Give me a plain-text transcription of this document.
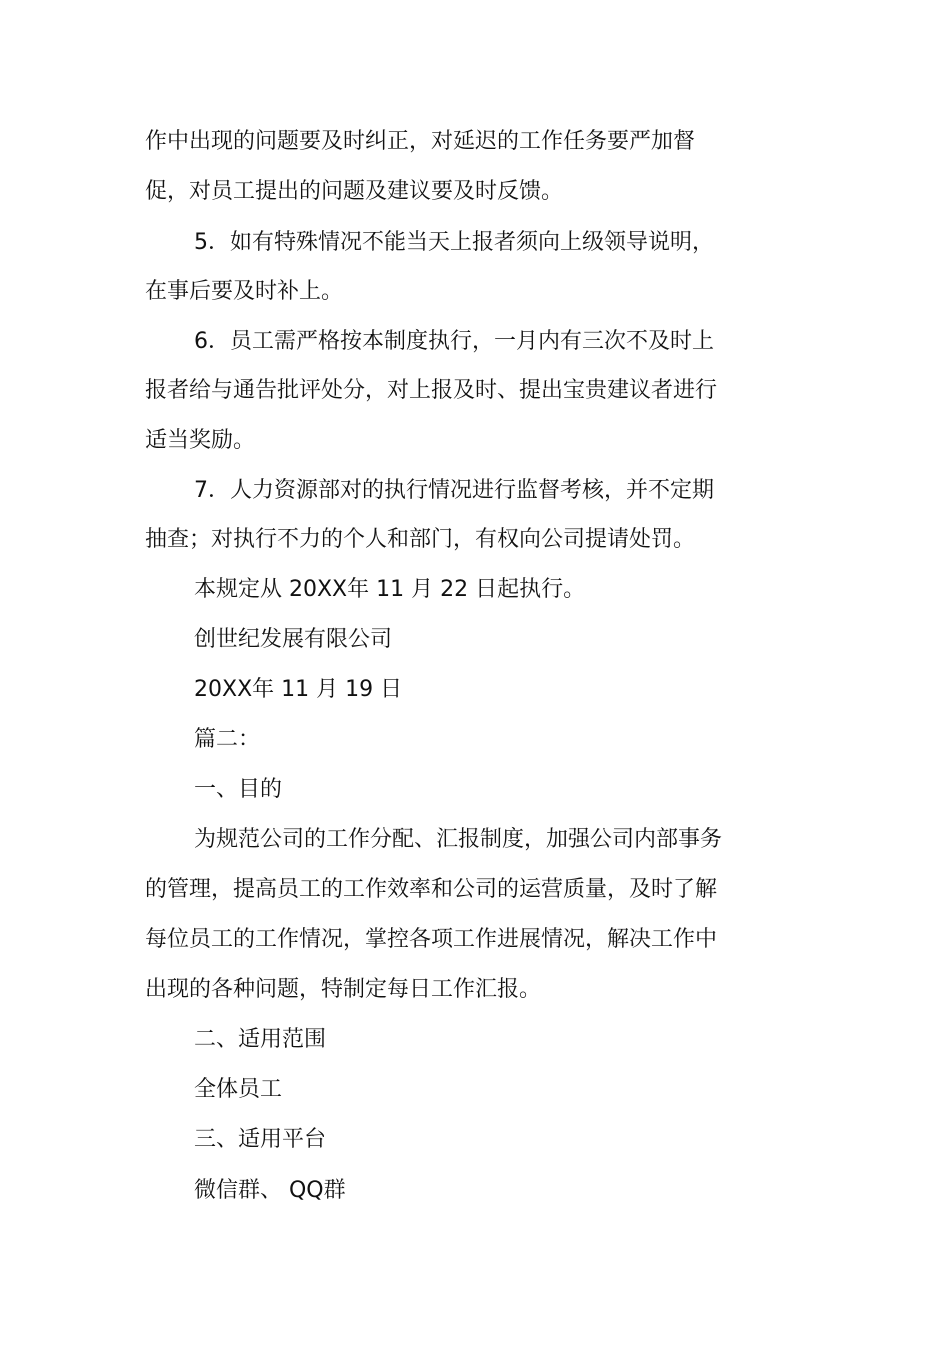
作中出现的问题要及时纠正，对延迟的工作任务要严加督
促，对员工提出的问题及建议要及时反馈。
5．如有特殊情况不能当天上报者须向上级领导说明，
在事后要及时补上。
6．员工需严格按本制度执行，一月内有三次不及时上
报者给与通告批评处分，对上报及时、提出宝贵建议者进行
适当奖励。
7．人力资源部对的执行情况进行监督考核，并不定期
抽查；对执行不力的个人和部门，有权向公司提请处罚。
本规定从 20XX年 11 月 22 日起执行。
创世纪发展有限公司
20XX年 11 月 19 日
篇二：
一、目的
为规范公司的工作分配、汇报制度，加强公司内部事务
的管理，提高员工的工作效率和公司的运营质量，及时了解
每位员工的工作情况，掌控各项工作进展情况，解决工作中
出现的各种问题，特制定每日工作汇报。
二、适用范围
全体员工
三、适用平台
微信群、 QQ群
